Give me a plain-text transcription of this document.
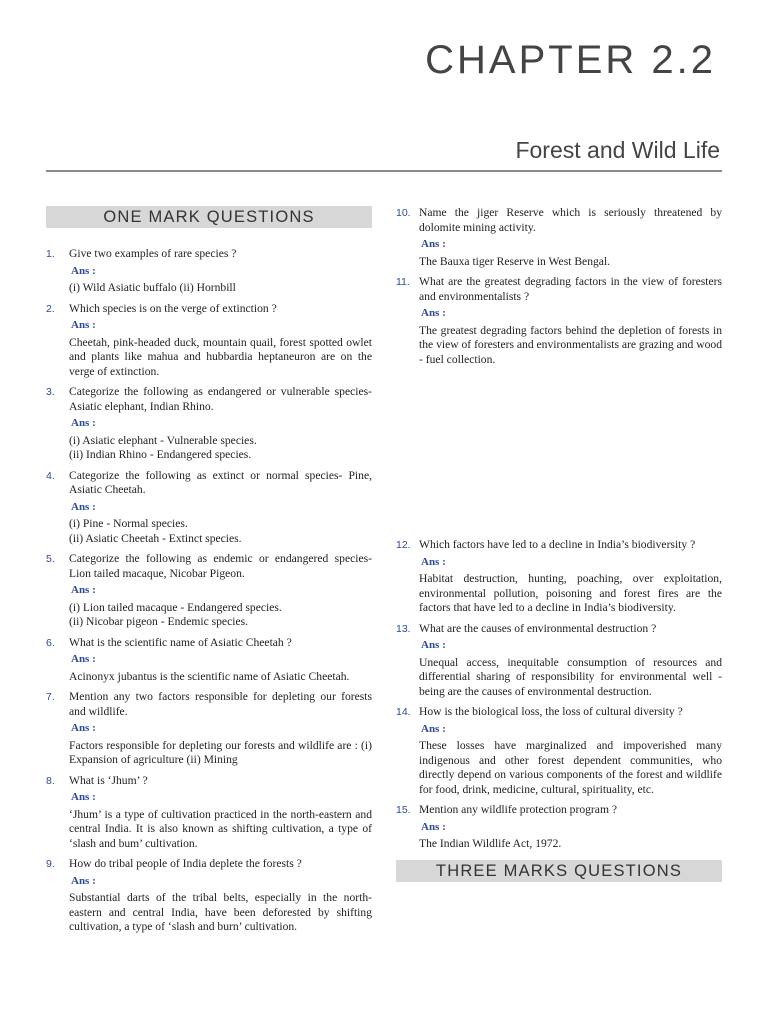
CHAPTER 2.2
Forest and Wild Life
ONE MARK QUESTIONS
1. Give two examples of rare species ?
Ans :
(i) Wild Asiatic buffalo (ii) Hornbill
2. Which species is on the verge of extinction ?
Ans :
Cheetah, pink-headed duck, mountain quail, forest spotted owlet and plants like mahua and hubbardia heptaneuron are on the verge of extinction.
3. Categorize the following as endangered or vulnerable species- Asiatic elephant, Indian Rhino.
Ans :
(i) Asiatic elephant - Vulnerable species.
(ii) Indian Rhino - Endangered species.
4. Categorize the following as extinct or normal species- Pine, Asiatic Cheetah.
Ans :
(i) Pine - Normal species.
(ii) Asiatic Cheetah - Extinct species.
5. Categorize the following as endemic or endangered species- Lion tailed macaque, Nicobar Pigeon.
Ans :
(i) Lion tailed macaque - Endangered species.
(ii) Nicobar pigeon - Endemic species.
6. What is the scientific name of Asiatic Cheetah ?
Ans :
Acinonyx jubantus is the scientific name of Asiatic Cheetah.
7. Mention any two factors responsible for depleting our forests and wildlife.
Ans :
Factors responsible for depleting our forests and wildlife are : (i) Expansion of agriculture (ii) Mining
8. What is ‘Jhum’ ?
Ans :
‘Jhum’ is a type of cultivation practiced in the north-eastern and central India. It is also known as shifting cultivation, a type of ‘slash and bum’ cultivation.
9. How do tribal people of India deplete the forests ?
Ans :
Substantial darts of the tribal belts, especially in the north-eastern and central India, have been deforested by shifting cultivation, a type of ‘slash and burn’ cultivation.
10. Name the jiger Reserve which is seriously threatened by dolomite mining activity.
Ans :
The Bauxa tiger Reserve in West Bengal.
11. What are the greatest degrading factors in the view of foresters and environmentalists ?
Ans :
The greatest degrading factors behind the depletion of forests in the view of foresters and environmentalists are grazing and wood - fuel collection.
12. Which factors have led to a decline in India’s biodiversity ?
Ans :
Habitat destruction, hunting, poaching, over exploitation, environmental pollution, poisoning and forest fires are the factors that have led to a decline in India’s biodiversity.
13. What are the causes of environmental destruction ?
Ans :
Unequal access, inequitable consumption of resources and differential sharing of responsibility for environmental well - being are the causes of environmental destruction.
14. How is the biological loss, the loss of cultural diversity ?
Ans :
These losses have marginalized and impoverished many indigenous and other forest dependent communities, who directly depend on various components of the forest and wildlife for food, drink, medicine, cultural, spirituality, etc.
15. Mention any wildlife protection program ?
Ans :
The Indian Wildlife Act, 1972.
THREE MARKS QUESTIONS
